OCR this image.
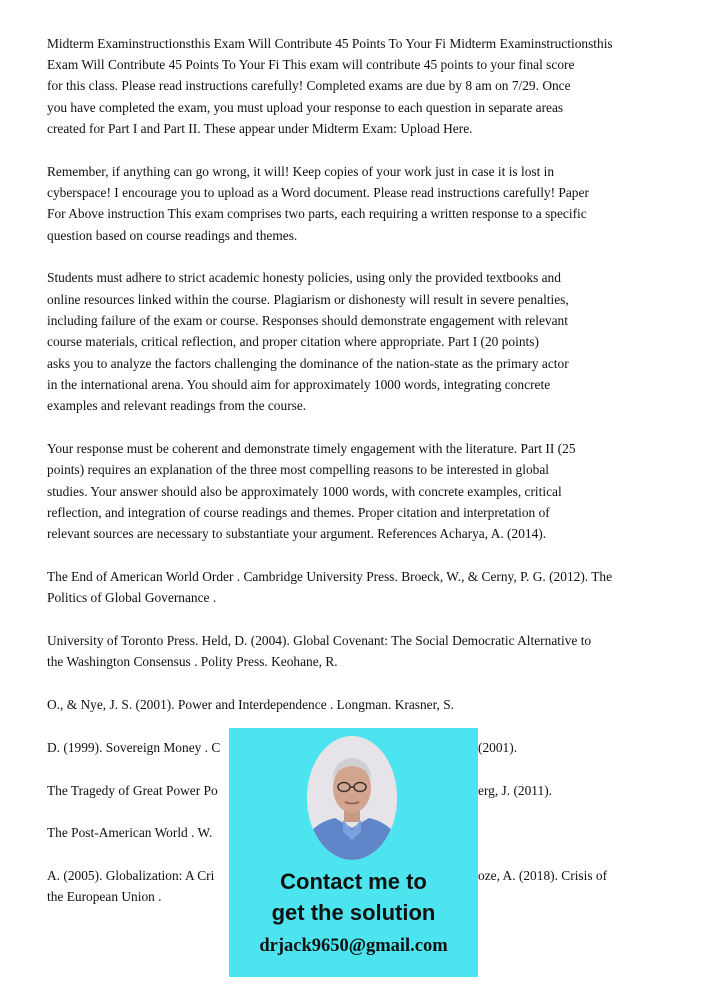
Midterm Examinstructionsthis Exam Will Contribute 45 Points To Your Fi Midterm Examinstructionsthis

Exam Will Contribute 45 Points To Your Fi This exam will contribute 45 points to your final score

for this class. Please read instructions carefully! Completed exams are due by 8 am on 7/29. Once

you have completed the exam, you must upload your response to each question in separate areas

created for Part I and Part II. These appear under Midterm Exam: Upload Here.

Remember, if anything can go wrong, it will! Keep copies of your work just in case it is lost in

cyberspace! I encourage you to upload as a Word document. Please read instructions carefully! Paper

For Above instruction This exam comprises two parts, each requiring a written response to a specific

question based on course readings and themes.

Students must adhere to strict academic honesty policies, using only the provided textbooks and

online resources linked within the course. Plagiarism or dishonesty will result in severe penalties,

including failure of the exam or course. Responses should demonstrate engagement with relevant

course materials, critical reflection, and proper citation where appropriate. Part I (20 points)

asks you to analyze the factors challenging the dominance of the nation-state as the primary actor

in the international arena. You should aim for approximately 1000 words, integrating concrete

examples and relevant readings from the course.

Your response must be coherent and demonstrate timely engagement with the literature. Part II (25

points) requires an explanation of the three most compelling reasons to be interested in global

studies. Your answer should also be approximately 1000 words, with concrete examples, critical

reflection, and integration of course readings and themes. Proper citation and interpretation of

relevant sources are necessary to substantiate your argument. References Acharya, A. (2014).

The End of American World Order . Cambridge University Press. Broeck, W., & Cerny, P. G. (2012). The

Politics of Global Governance .

University of Toronto Press. Held, D. (2004). Global Covenant: The Social Democratic Alternative to

the Washington Consensus . Polity Press. Keohane, R.

O., & Nye, J. S. (2001). Power and Interdependence . Longman. Krasner, S.

D. (1999). Sovereign Money . C	(2001).

The Tragedy of Great Power Po	erg, J. (2011).

The Post-American World . W.

A. (2005). Globalization: A Cri	oze, A. (2018). Crisis of

the European Union .

Contact me to
get the solution
drjack9650@gmail.com
